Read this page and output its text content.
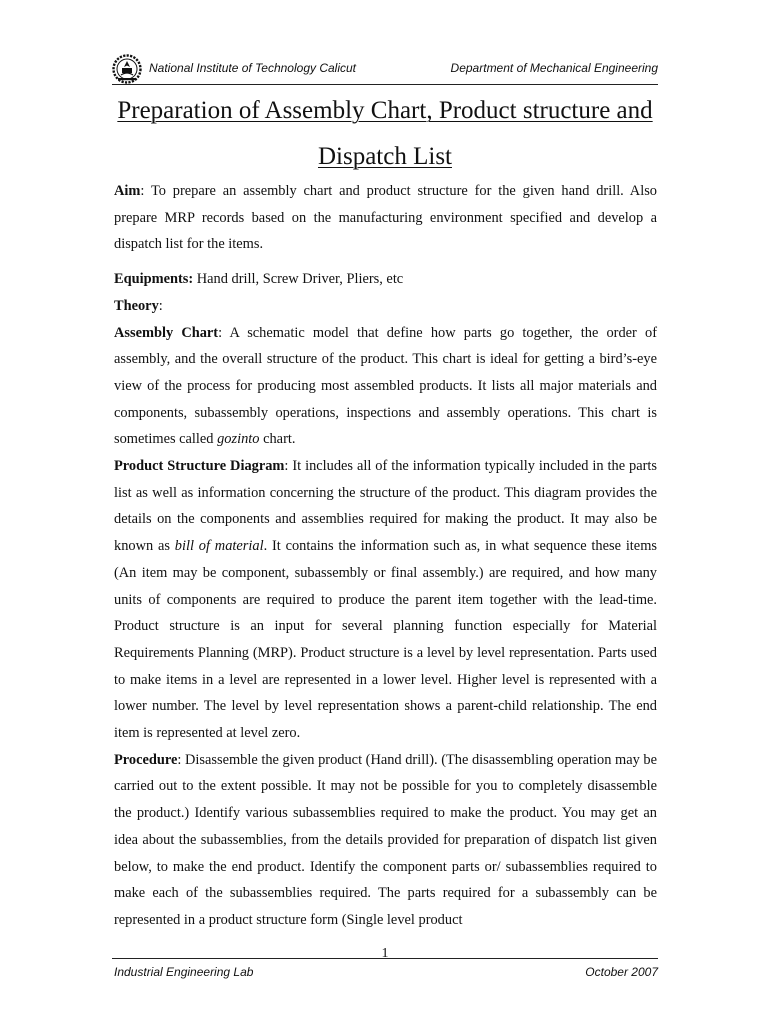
National Institute of Technology Calicut	Department of Mechanical Engineering
Preparation of Assembly Chart, Product structure and
Dispatch List

Aim: To prepare an assembly chart and product structure for the given hand drill. Also prepare MRP records based on the manufacturing environment specified and develop a dispatch list for the items.

Equipments: Hand drill, Screw Driver, Pliers, etc

Theory:

Assembly Chart: A schematic model that define how parts go together, the order of assembly, and the overall structure of the product. This chart is ideal for getting a bird’s-eye view of the process for producing most assembled products. It lists all major materials and components, subassembly operations, inspections and assembly operations. This chart is sometimes called gozinto chart.

Product Structure Diagram: It includes all of the information typically included in the parts list as well as information concerning the structure of the product. This diagram provides the details on the components and assemblies required for making the product. It may also be known as bill of material. It contains the information such as, in what sequence these items (An item may be component, subassembly or final assembly.) are required, and how many units of components are required to produce the parent item together with the lead-time. Product structure is an input for several planning function especially for Material Requirements Planning (MRP). Product structure is a level by level representation. Parts used to make items in a level are represented in a lower level. Higher level is represented with a lower number. The level by level representation shows a parent-child relationship. The end item is represented at level zero.

Procedure: Disassemble the given product (Hand drill). (The disassembling operation may be carried out to the extent possible. It may not be possible for you to completely disassemble the product.) Identify various subassemblies required to make the product. You may get an idea about the subassemblies, from the details provided for preparation of dispatch list given below, to make the end product. Identify the component parts or/ subassemblies required to make each of the subassemblies required. The parts required for a subassembly can be represented in a product structure form (Single level product

1
Industrial Engineering Lab	October 2007
